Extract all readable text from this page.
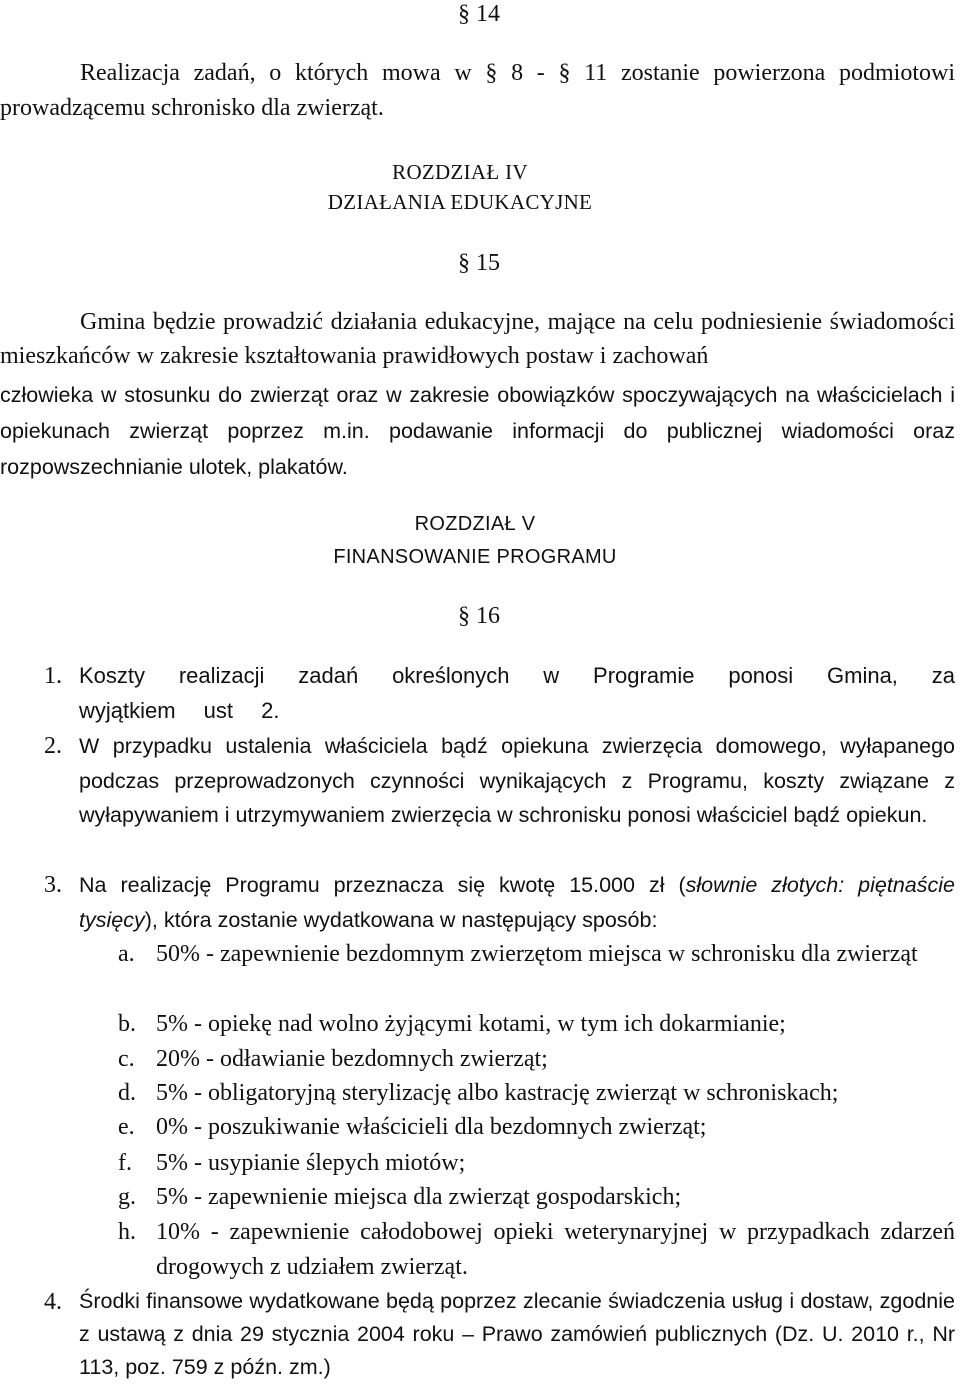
§ 14
Realizacja zadań, o których mowa w § 8 - § 11 zostanie powierzona podmiotowi prowadzącemu schronisko dla zwierząt.
ROZDZIAŁ IV
DZIAŁANIA EDUKACYJNE
§ 15
Gmina będzie prowadzić działania edukacyjne, mające na celu podniesienie świadomości mieszkańców w zakresie kształtowania prawidłowych postaw i zachowań
człowieka w stosunku do zwierząt oraz w zakresie obowiązków spoczywających na właścicielach i opiekunach zwierząt poprzez m.in. podawanie informacji do publicznej wiadomości oraz rozpowszechnianie ulotek, plakatów.
ROZDZIAŁ V
FINANSOWANIE PROGRAMU
§ 16
1. Koszty realizacji zadań określonych w Programie ponosi Gmina, za wyjątkiem ust 2.
2. W przypadku ustalenia właściciela bądź opiekuna zwierzęcia domowego, wyłapanego podczas przeprowadzonych czynności wynikających z Programu, koszty związane z wyłapywaniem i utrzymywaniem zwierzęcia w schronisku ponosi właściciel bądź opiekun.
3. Na realizację Programu przeznacza się kwotę 15.000 zł (słownie złotych: piętnaście tysięcy), która zostanie wydatkowana w następujący sposób:
a. 50% - zapewnienie bezdomnym zwierzętom miejsca w schronisku dla zwierząt
b. 5% - opiekę nad wolno żyjącymi kotami, w tym ich dokarmianie;
c. 20% - odławianie bezdomnych zwierząt;
d. 5% - obligatoryjną sterylizację albo kastrację zwierząt w schroniskach;
e. 0% - poszukiwanie właścicieli dla bezdomnych zwierząt;
f. 5% - usypianie ślepych miotów;
g. 5% - zapewnienie miejsca dla zwierząt gospodarskich;
h. 10% - zapewnienie całodobowej opieki weterynaryjnej w przypadkach zdarzeń drogowych z udziałem zwierząt.
4. Środki finansowe wydatkowane będą poprzez zlecanie świadczenia usług i dostaw, zgodnie z ustawą z dnia 29 stycznia 2004 roku – Prawo zamówień publicznych (Dz. U. 2010 r., Nr 113, poz. 759 z późn. zm.)
